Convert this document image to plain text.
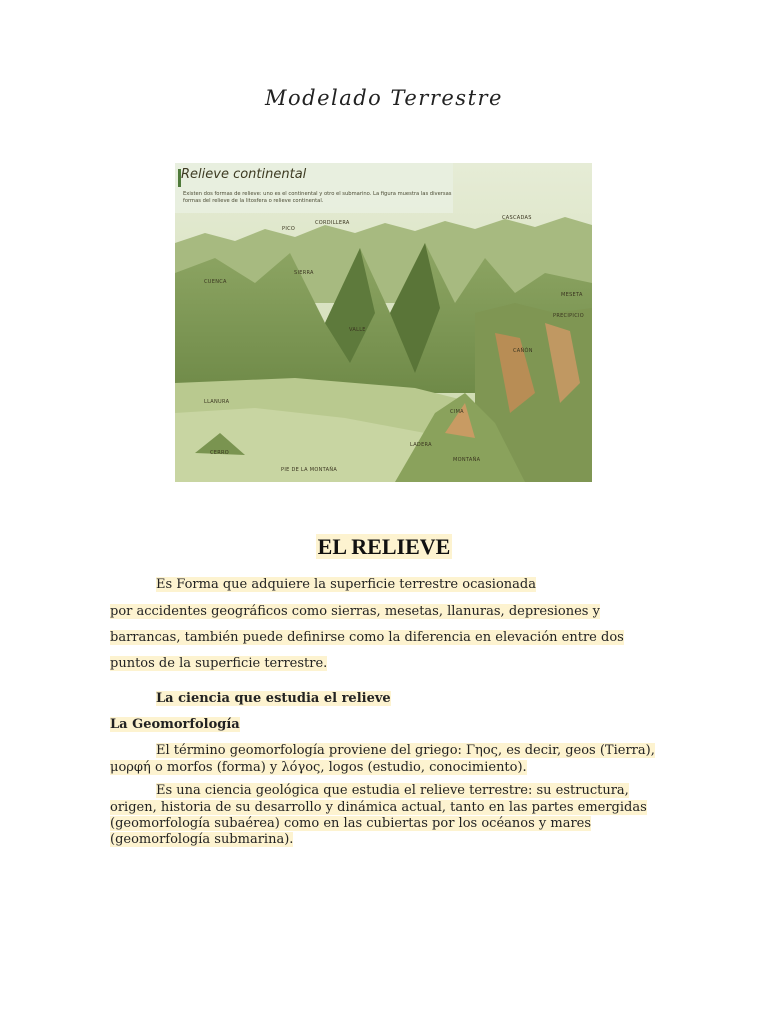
Modelado Terrestre
Relieve continental
Existen dos formas de relieve: uno es el continental y otro el submarino. La figura muestra las diversas formas del relieve de la litosfera o relieve continental.
PICO
CORDILLERA
CASCADAS
SIERRA
CUENCA
MESETA
VALLE
PRECIPICIO
CAÑÓN
LLANURA
CIMA
LADERA
CERRO
MONTAÑA
PIE DE LA MONTAÑA
EL RELIEVE
Es Forma que adquiere la superficie terrestre ocasionada
por accidentes geográficos como sierras, mesetas, llanuras, depresiones y
barrancas, también puede definirse como la diferencia en elevación entre dos
puntos de la superficie terrestre.
La ciencia que estudia el relieve
La Geomorfología
El término geomorfología proviene del griego: Γηος, es decir, geos (Tierra),
μορφή o morfos (forma) y λόγος, logos (estudio, conocimiento).
Es una ciencia geológica que estudia el relieve terrestre: su estructura,
origen, historia de su desarrollo y dinámica actual, tanto en las partes emergidas
(geomorfología subaérea) como en las cubiertas por los océanos y mares
(geomorfología submarina).
